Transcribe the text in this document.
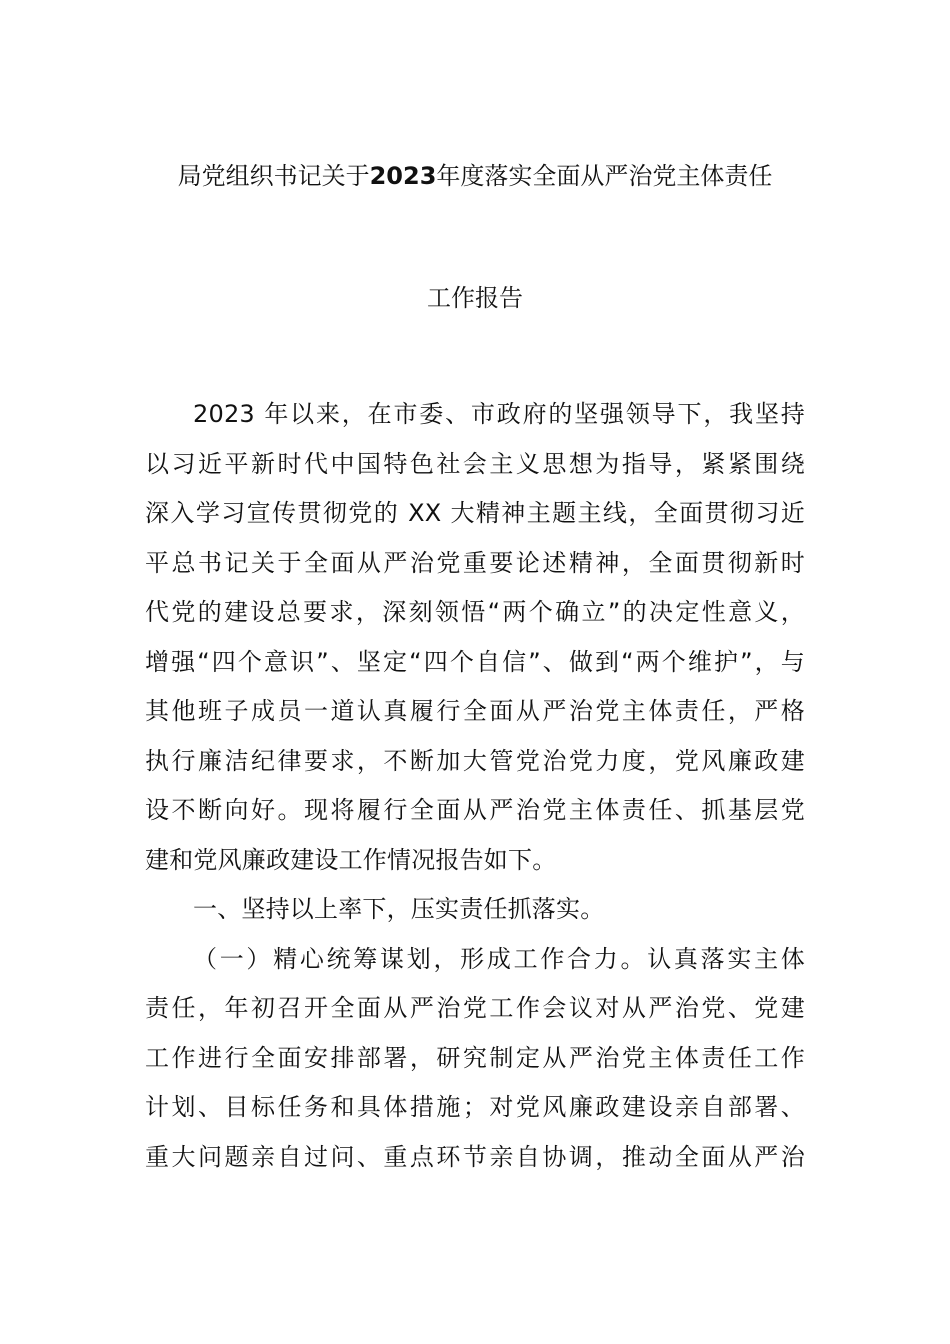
局党组织书记关于2023年度落实全面从严治党主体责任
工作报告
2023 年以来，在市委、市政府的坚强领导下，我坚持
以习近平新时代中国特色社会主义思想为指导，紧紧围绕
深入学习宣传贯彻党的 XX 大精神主题主线，全面贯彻习近
平总书记关于全面从严治党重要论述精神，全面贯彻新时
代党的建设总要求，深刻领悟“两个确立”的决定性意义，
增强“四个意识”、坚定“四个自信”、做到“两个维护”，与
其他班子成员一道认真履行全面从严治党主体责任，严格
执行廉洁纪律要求，不断加大管党治党力度，党风廉政建
设不断向好。现将履行全面从严治党主体责任、抓基层党
建和党风廉政建设工作情况报告如下。
一、坚持以上率下，压实责任抓落实。
（一）精心统筹谋划，形成工作合力。认真落实主体
责任，年初召开全面从严治党工作会议对从严治党、党建
工作进行全面安排部署，研究制定从严治党主体责任工作
计划、目标任务和具体措施；对党风廉政建设亲自部署、
重大问题亲自过问、重点环节亲自协调，推动全面从严治
